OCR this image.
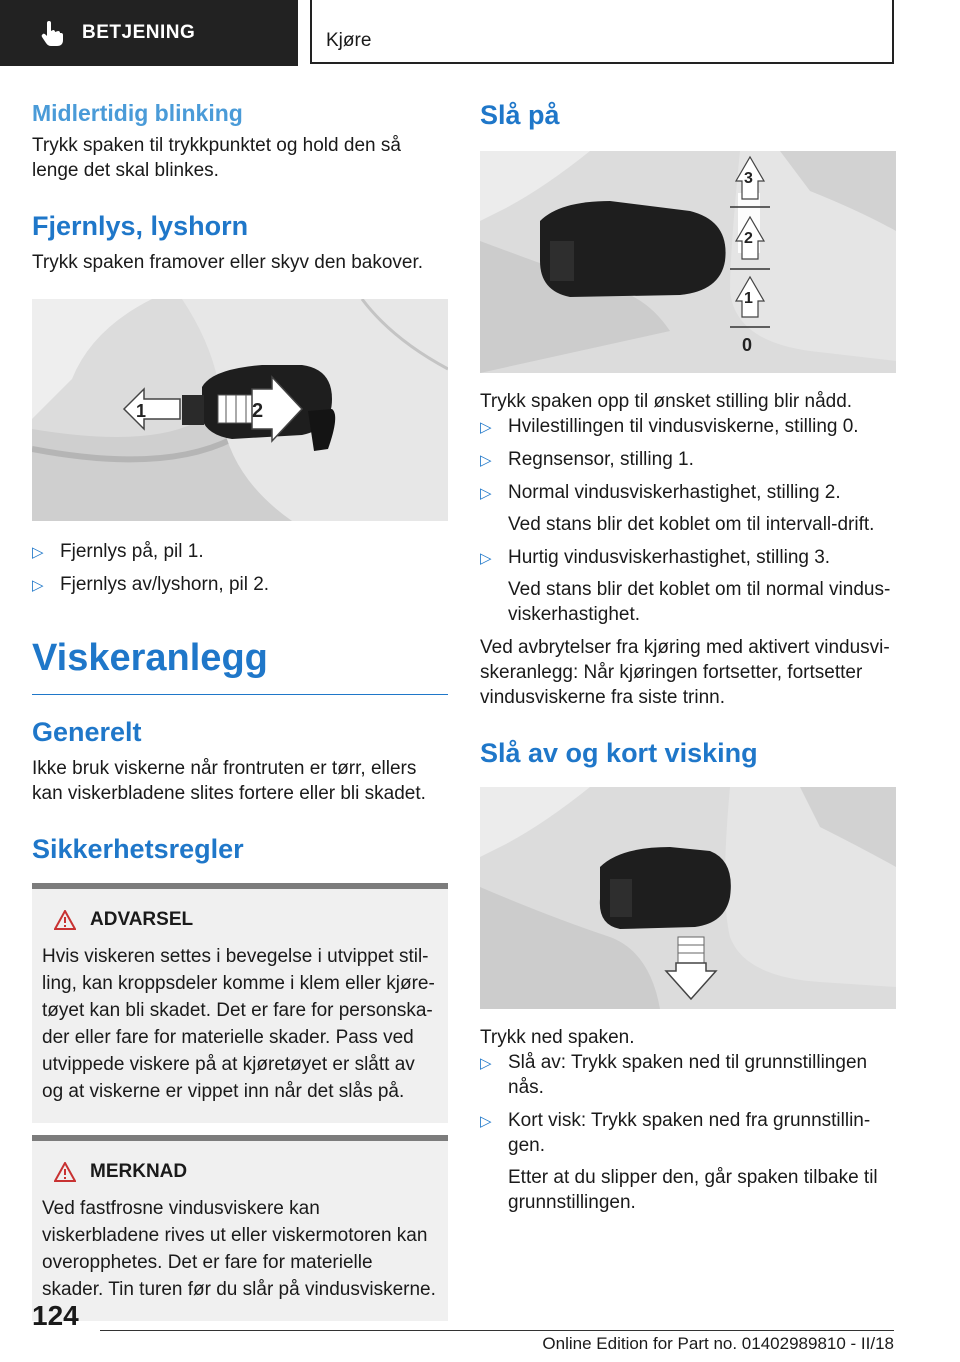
BETJENING	Kjøre
Midlertidig blinking

Trykk spaken til trykkpunktet og hold den så lenge det skal blinkes.

Fjernlys, lyshorn

Trykk spaken framover eller skyv den bakover.

2
1
▷ Fjernlys på, pil 1.
▷ Fjernlys av/lyshorn, pil 2.
Viskeranlegg
Generelt

Ikke bruk viskerne når frontruten er tørr, ellers kan viskerbladene slites fortere eller bli skadet.

Sikkerhetsregler
ADVARSEL

Hvis viskeren settes i bevegelse i utvippet stil-ling, kan kroppsdeler komme i klem eller kjøre-tøyet kan bli skadet. Det er fare for personska-der eller fare for materielle skader. Pass ved utvippede viskere på at kjøretøyet er slått av og at viskerne er vippet inn når det slås på.

MERKNAD

Ved fastfrosne vindusviskere kan viskerbladene rives ut eller viskermotoren kan overopphetes. Det er fare for materielle skader. Tin turen før du slår på vindusviskerne.

Slå på
3
2
1
0

Trykk spaken opp til ønsket stilling blir nådd.

▷ Hvilestillingen til vindusviskerne, stilling 0.
▷ Regnsensor, stilling 1.
▷ Normal vindusviskerhastighet, stilling 2.
Ved stans blir det koblet om til intervall-drift.
▷ Hurtig vindusviskerhastighet, stilling 3.
Ved stans blir det koblet om til normal vindus-viskerhastighet.

Ved avbrytelser fra kjøring med aktivert vindusvi-skeranlegg: Når kjøringen fortsetter, fortsetter vindusviskerne fra siste trinn.

Slå av og kort visking

Trykk ned spaken.

▷ Slå av: Trykk spaken ned til grunnstillingen nås.
▷ Kort visk: Trykk spaken ned fra grunnstillin-gen.
Etter at du slipper den, går spaken tilbake til grunnstillingen.
124
Online Edition for Part no. 01402989810 - II/18
